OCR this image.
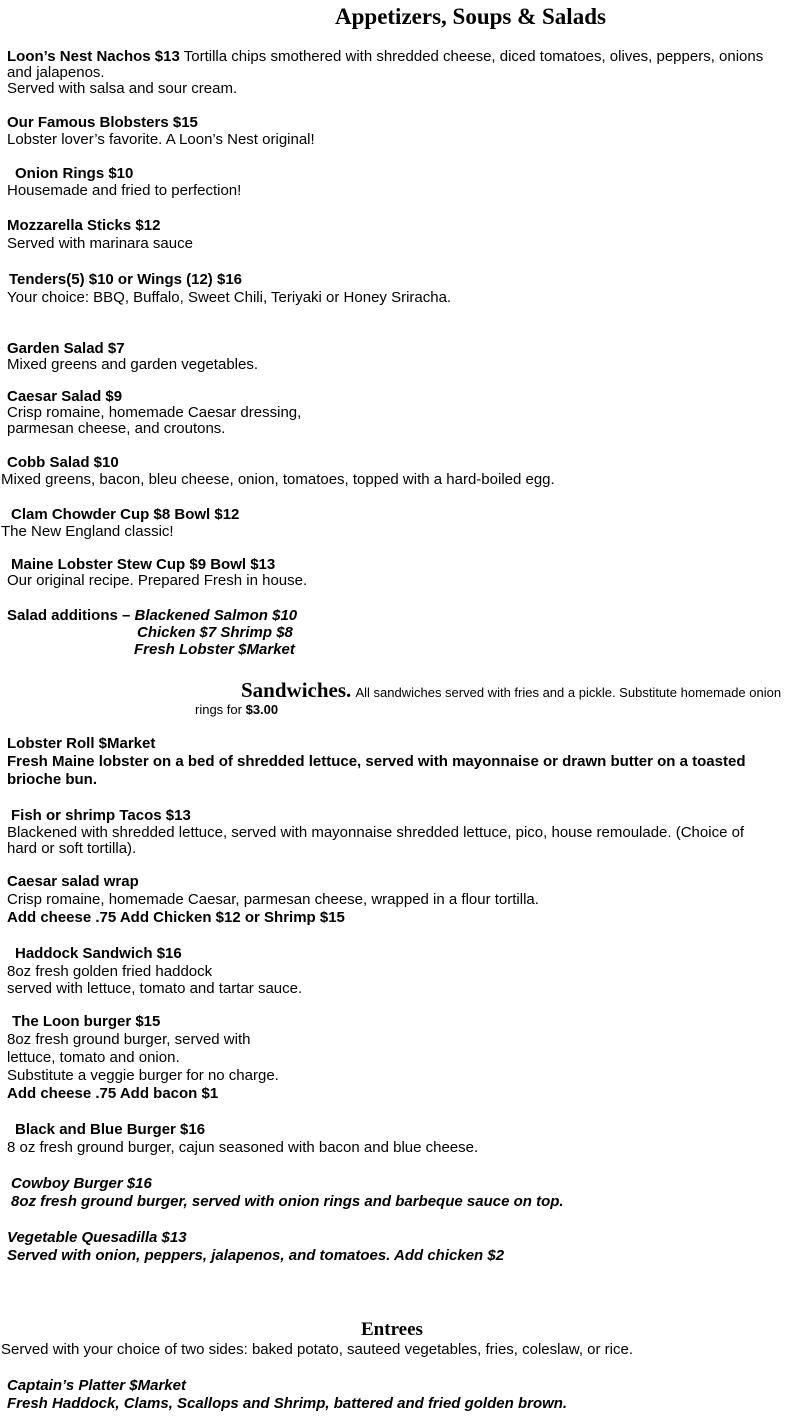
Appetizers, Soups & Salads
Loon’s Nest Nachos $13 Tortilla chips smothered with shredded cheese, diced tomatoes, olives, peppers, onions
and jalapenos.
Served with salsa and sour cream.
Our Famous Blobsters $15
Lobster lover’s favorite. A Loon’s Nest original!
Onion Rings $10
Housemade and fried to perfection!
Mozzarella Sticks $12
Served with marinara sauce
Tenders(5) $10 or Wings (12) $16
Your choice: BBQ, Buffalo, Sweet Chili, Teriyaki or Honey Sriracha.
Garden Salad $7
Mixed greens and garden vegetables.
Caesar Salad $9
Crisp romaine, homemade Caesar dressing,
parmesan cheese, and croutons.
Cobb Salad $10
Mixed greens, bacon, bleu cheese, onion, tomatoes, topped with a hard-boiled egg.
Clam Chowder Cup $8 Bowl $12
The New England classic!
Maine Lobster Stew Cup $9 Bowl $13
Our original recipe. Prepared Fresh in house.
Salad additions – Blackened Salmon $10
Chicken $7 Shrimp $8
Fresh Lobster $Market
Sandwiches. All sandwiches served with fries and a pickle. Substitute homemade onion
rings for $3.00
Lobster Roll $Market
Fresh Maine lobster on a bed of shredded lettuce, served with mayonnaise or drawn butter on a toasted
brioche bun.
Fish or shrimp Tacos $13
Blackened with shredded lettuce, served with mayonnaise shredded lettuce, pico, house remoulade. (Choice of
hard or soft tortilla).
Caesar salad wrap
Crisp romaine, homemade Caesar, parmesan cheese, wrapped in a flour tortilla.
Add cheese .75 Add Chicken $12 or Shrimp $15
Haddock Sandwich $16
8oz fresh golden fried haddock
served with lettuce, tomato and tartar sauce.
The Loon burger $15
8oz fresh ground burger, served with
lettuce, tomato and onion.
Substitute a veggie burger for no charge.
Add cheese .75 Add bacon $1
Black and Blue Burger $16
8 oz fresh ground burger, cajun seasoned with bacon and blue cheese.
Cowboy Burger $16
8oz fresh ground burger, served with onion rings and barbeque sauce on top.
Vegetable Quesadilla $13
Served with onion, peppers, jalapenos, and tomatoes. Add chicken $2
Entrees
Served with your choice of two sides: baked potato, sauteed vegetables, fries, coleslaw, or rice.
Captain’s Platter $Market
Fresh Haddock, Clams, Scallops and Shrimp, battered and fried golden brown.
